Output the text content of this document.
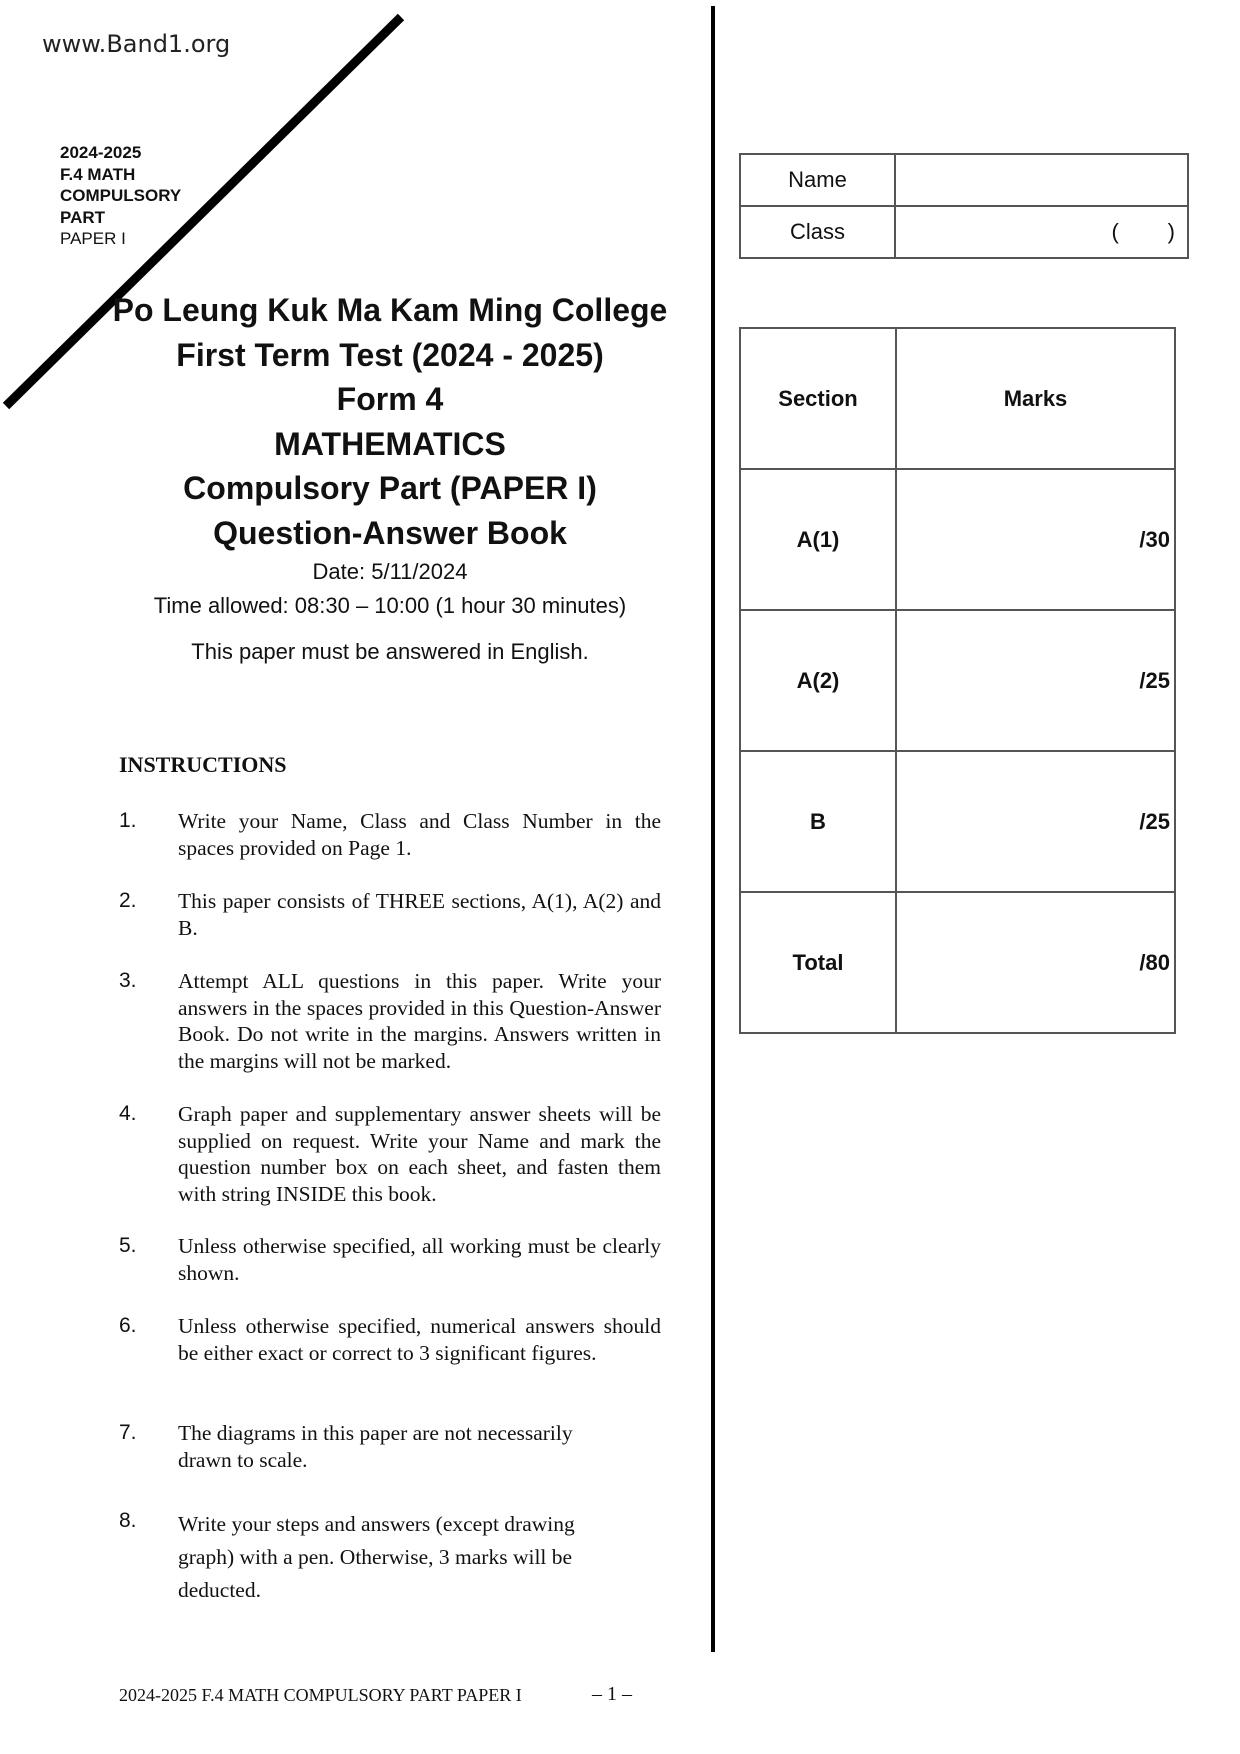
www.Band1.org
2024-2025
F.4 MATH
COMPULSORY
PART
PAPER I
Po Leung Kuk Ma Kam Ming College
First Term Test (2024 - 2025)
Form 4
MATHEMATICS
Compulsory Part (PAPER I)
Question-Answer Book
Date: 5/11/2024
Time allowed: 08:30 – 10:00 (1 hour 30 minutes)
This paper must be answered in English.
INSTRUCTIONS
1. Write your Name, Class and Class Number in the spaces provided on Page 1.
2. This paper consists of THREE sections, A(1), A(2) and B.
3. Attempt ALL questions in this paper. Write your answers in the spaces provided in this Question-Answer Book. Do not write in the margins. Answers written in the margins will not be marked.
4. Graph paper and supplementary answer sheets will be supplied on request. Write your Name and mark the question number box on each sheet, and fasten them with string INSIDE this book.
5. Unless otherwise specified, all working must be clearly shown.
6. Unless otherwise specified, numerical answers should be either exact or correct to 3 significant figures.
7. The diagrams in this paper are not necessarily drawn to scale.
8. Write your steps and answers (except drawing graph) with a pen. Otherwise, 3 marks will be deducted.
Name	
Class	(        )
Section	Marks
A(1)	/30
A(2)	/25
B	/25
Total	/80
2024-2025 F.4 MATH COMPULSORY PART PAPER I	– 1 –
